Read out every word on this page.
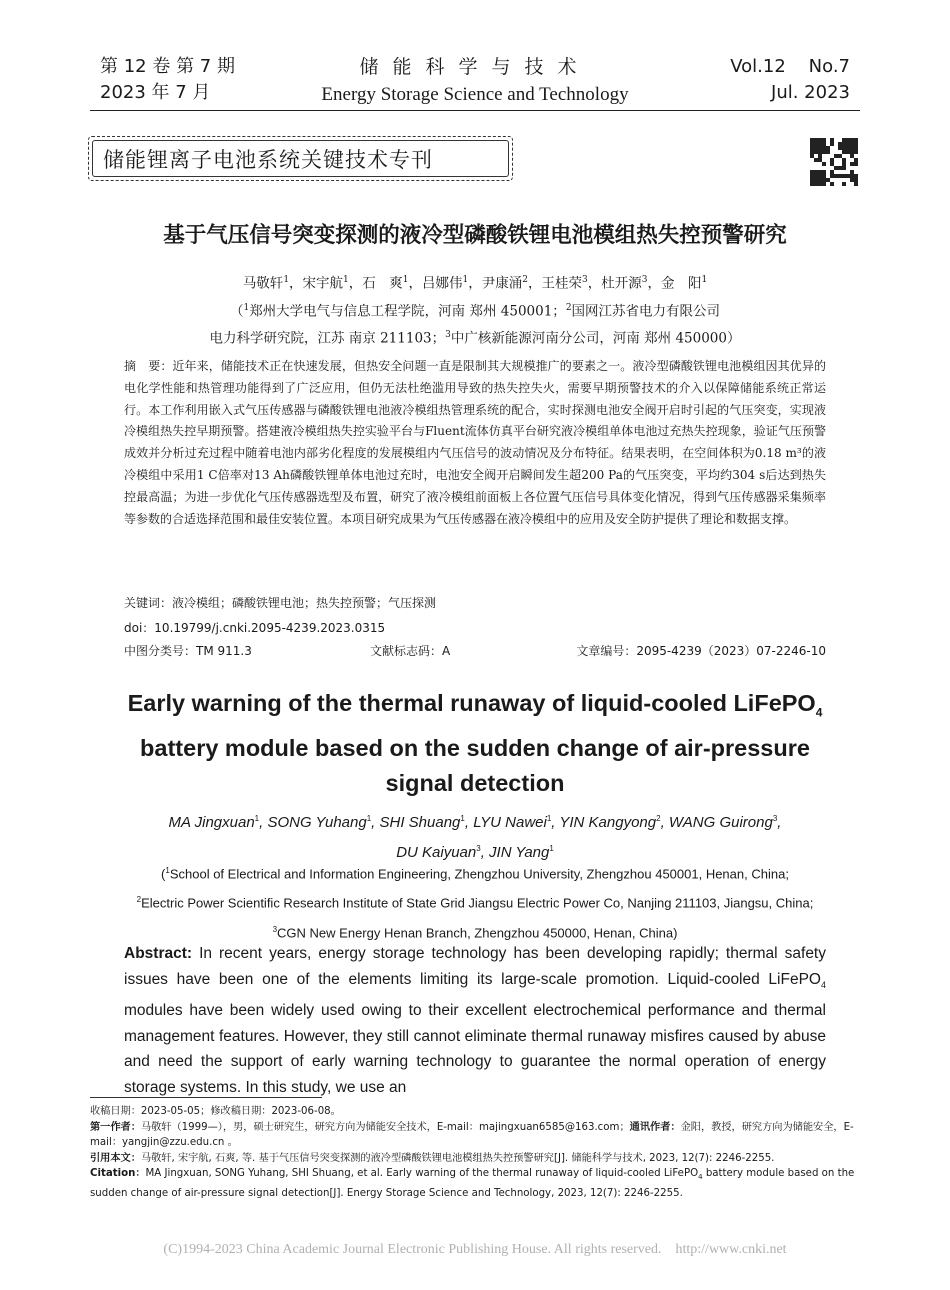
第 12 卷 第 7 期
2023 年 7 月
储能科学与技术
Energy Storage Science and Technology
Vol.12    No.7
Jul. 2023
储能锂离子电池系统关键技术专刊
基于气压信号突变探测的液冷型磷酸铁锂电池模组热失控预警研究
马敬轩$^1$，宋宇航$^1$，石　爽$^1$，吕娜伟$^1$，尹康涌$^2$，王桂荣$^3$，杜开源$^3$，金　阳$^1$
（$^1$郑州大学电气与信息工程学院，河南 郑州 450001；$^2$国网江苏省电力有限公司
电力科学研究院，江苏 南京 211103；$^3$中广核新能源河南分公司，河南 郑州 450000）
摘　要：近年来，储能技术正在快速发展，但热安全问题一直是限制其大规模推广的要素之一。液冷型磷酸铁锂电池模组因其优异的电化学性能和热管理功能得到了广泛应用，但仍无法杜绝滥用导致的热失控失火，需要早期预警技术的介入以保障储能系统正常运行。本工作利用嵌入式气压传感器与磷酸铁锂电池液冷模组热管理系统的配合，实时探测电池安全阀开启时引起的气压突变，实现液冷模组热失控早期预警。搭建液冷模组热失控实验平台与Fluent流体仿真平台研究液冷模组单体电池过充热失控现象，验证气压预警成效并分析过充过程中随着电池内部劣化程度的发展模组内气压信号的波动情况及分布特征。结果表明，在空间体积为0.18 m³的液冷模组中采用1 C倍率对13 Ah磷酸铁锂单体电池过充时，电池安全阀开启瞬间发生超200 Pa的气压突变，平均约304 s后达到热失控最高温；为进一步优化气压传感器选型及布置，研究了液冷模组前面板上各位置气压信号具体变化情况，得到气压传感器采集频率等参数的合适选择范围和最佳安装位置。本项目研究成果为气压传感器在液冷模组中的应用及安全防护提供了理论和数据支撑。
关键词：液冷模组；磷酸铁锂电池；热失控预警；气压探测
doi：10.19799/j.cnki.2095-4239.2023.0315
中图分类号：TM 911.3	文献标志码：A	文章编号：2095-4239（2023）07-2246-10
Early warning of the thermal runaway of liquid-cooled LiFePO$_4$
battery module based on the sudden change of air-pressure
signal detection
MA Jingxuan$^1$, SONG Yuhang$^1$, SHI Shuang$^1$, LYU Nawei$^1$, YIN Kangyong$^2$, WANG Guirong$^3$,
DU Kaiyuan$^3$, JIN Yang$^1$
($^1$School of Electrical and Information Engineering, Zhengzhou University, Zhengzhou 450001, Henan, China;
$^2$Electric Power Scientific Research Institute of State Grid Jiangsu Electric Power Co, Nanjing 211103, Jiangsu, China;
$^3$CGN New Energy Henan Branch, Zhengzhou 450000, Henan, China)
Abstract: In recent years, energy storage technology has been developing rapidly; thermal safety issues have been one of the elements limiting its large-scale promotion. Liquid-cooled LiFePO$_4$ modules have been widely used owing to their excellent electrochemical performance and thermal management features. However, they still cannot eliminate thermal runaway misfires caused by abuse and need the support of early warning technology to guarantee the normal operation of energy storage systems. In this study, we use an
收稿日期：2023-05-05；修改稿日期：2023-06-08。
第一作者：马敬轩（1999—），男，硕士研究生，研究方向为储能安全技术，E-mail：majingxuan6585@163.com；通讯作者：金阳，教授，研究方向为储能安全，E-mail：yangjin@zzu.edu.cn 。
引用本文：马敬轩, 宋宇航, 石爽, 等. 基于气压信号突变探测的液冷型磷酸铁锂电池模组热失控预警研究[J]. 储能科学与技术, 2023, 12(7): 2246-2255.
Citation：MA Jingxuan, SONG Yuhang, SHI Shuang, et al. Early warning of the thermal runaway of liquid-cooled LiFePO$_4$ battery module based on the sudden change of air-pressure signal detection[J]. Energy Storage Science and Technology, 2023, 12(7): 2246-2255.
(C)1994-2023 China Academic Journal Electronic Publishing House. All rights reserved.    http://www.cnki.net
